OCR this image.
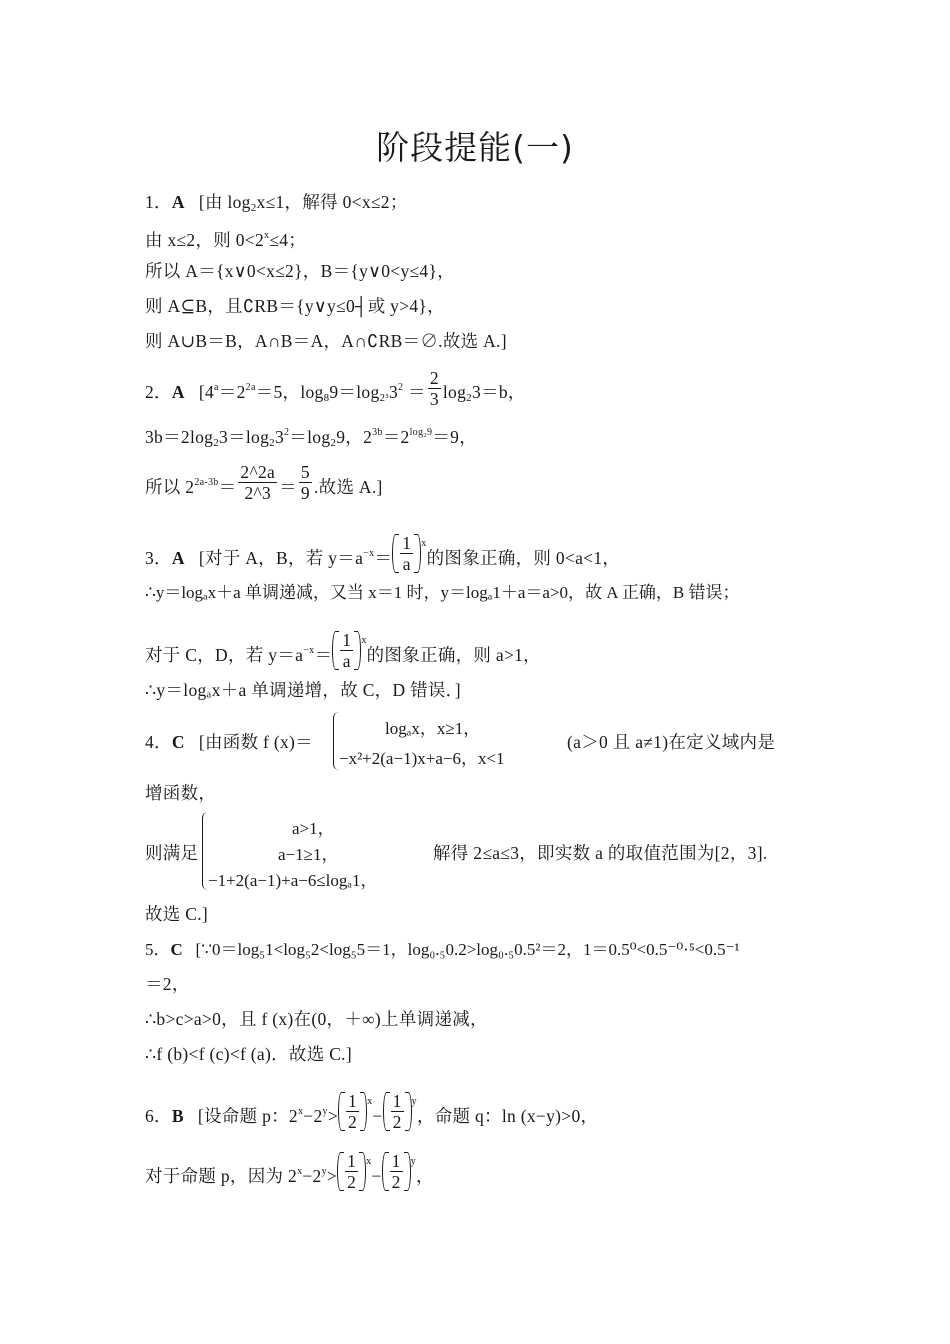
阶段提能(一)
1．A [由 $\log_2x\le 1$，解得 0<x≤2；
由 x≤2，则 $0<2^x\le 4$；
所以 A＝{x∨0<x≤2}，B＝{y∨0<y≤4}，
则 A⊆B，且∁RB＝{y∨y≤0┤或 y>4}，
则 A∪B＝B，A∩B＝A，A∩∁RB＝∅.故选 A.]
2．A [$4^a=2^{2a}=5$，$\log_89=\log_{2^3}3^2 = \frac{2}{3} \log_23=b$，
$3b=2\log_23=\log_23^2=\log_29$，$2^{3b}=2^{log_29}=9$，
所以 $2^{2a-3b}= \frac{2\^{}2a}{2\^{}3} = \frac{5}{9}$ .故选 A.]
3．A [对于 A，B，若 $y=a^{-x}= \frac{1}{a} ^x$的图象正确，则 0<a<1，
∴y＝logₐx＋a 单调递减，又当 x＝1 时，y＝logₐ1＋a＝a>0，故 A 正确，B 错误；
对于 C，D，若 $y=a^{-x}= \frac{1}{a} ^x$的图象正确，则 a>1，
∴y＝logₐx＋a 单调递增，故 C，D 错误．]
4．C [由函数 f (x)＝
logₐx，x≥1，
−x²+2(a−1)x+a−6，x<1
(a＞0 且 a≠1)在定义域内是
增函数，
则满足
a>1，
a−1≥1，
−1+2(a−1)+a−6≤logₐ1，
解得 2≤a≤3，即实数 a 的取值范围为[2，3].
故选 C.]
5．C [∵0＝log₅1<log₅2<log₅5＝1，log₀.₅0.2>log₀.₅0.5²＝2，1＝0.5⁰<0.5⁻⁰·⁵<0.5⁻¹
＝2，
∴b>c>a>0，且 f (x)在(0，＋∞)上单调递减，
∴f (b)<f (c)<f (a)．故选 C.]
6．B [设命题 p：$2^x-2^y> \frac{1}{2} ^x- \frac{1}{2} ^y$，命题 q：ln (x−y)>0，
对于命题 p，因为 $2^x-2^y> \frac{1}{2} ^x- \frac{1}{2} ^y$，
